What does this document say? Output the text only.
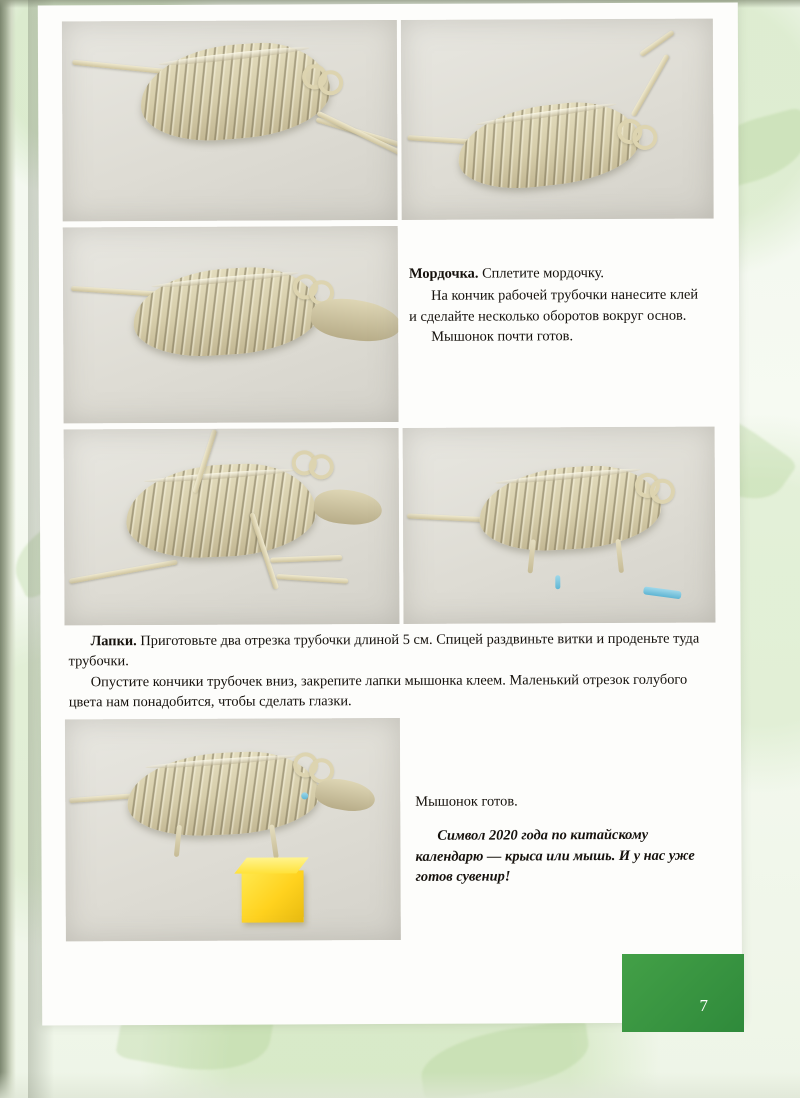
Мордочка. Сплетите мордочку.
На кончик рабочей трубочки нанесите клей и сделайте несколько оборотов вокруг основ.
Мышонок почти готов.
Лапки. Приготовьте два отрезка трубочки длиной 5 см. Спицей раздвиньте витки и проденьте туда трубочки.
Опустите кончики трубочек вниз, закрепите лапки мышонка клеем. Маленький отрезок голубого цвета нам понадобится, чтобы сделать глазки.
Мышонок готов.
Символ 2020 года по китайскому календарю — крыса или мышь. И у нас уже готов сувенир!
7
